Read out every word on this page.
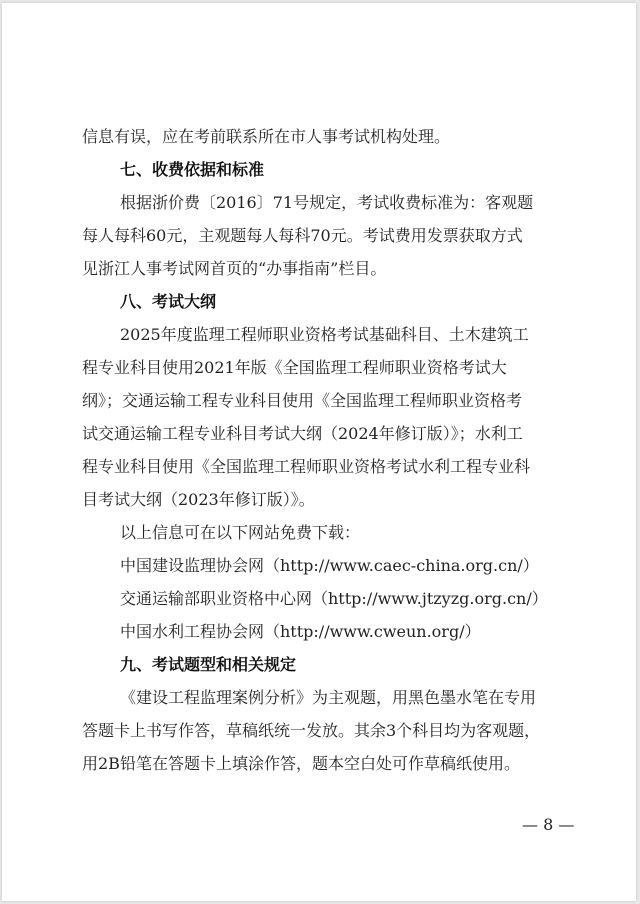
信息有误，应在考前联系所在市人事考试机构处理。
七、收费依据和标准
根据浙价费〔2016〕71号规定，考试收费标准为：客观题
每人每科60元，主观题每人每科70元。考试费用发票获取方式
见浙江人事考试网首页的“办事指南”栏目。
八、考试大纲
2025年度监理工程师职业资格考试基础科目、土木建筑工
程专业科目使用2021年版《全国监理工程师职业资格考试大
纲》；交通运输工程专业科目使用《全国监理工程师职业资格考
试交通运输工程专业科目考试大纲（2024年修订版）》；水利工
程专业科目使用《全国监理工程师职业资格考试水利工程专业科
目考试大纲（2023年修订版）》。
以上信息可在以下网站免费下载：
中国建设监理协会网（http://www.caec-china.org.cn/）
交通运输部职业资格中心网（http://www.jtzyzg.org.cn/）
中国水利工程协会网（http://www.cweun.org/）
九、考试题型和相关规定
《建设工程监理案例分析》为主观题，用黑色墨水笔在专用
答题卡上书写作答，草稿纸统一发放。其余3个科目均为客观题，
用2B铅笔在答题卡上填涂作答，题本空白处可作草稿纸使用。
— 8 —
